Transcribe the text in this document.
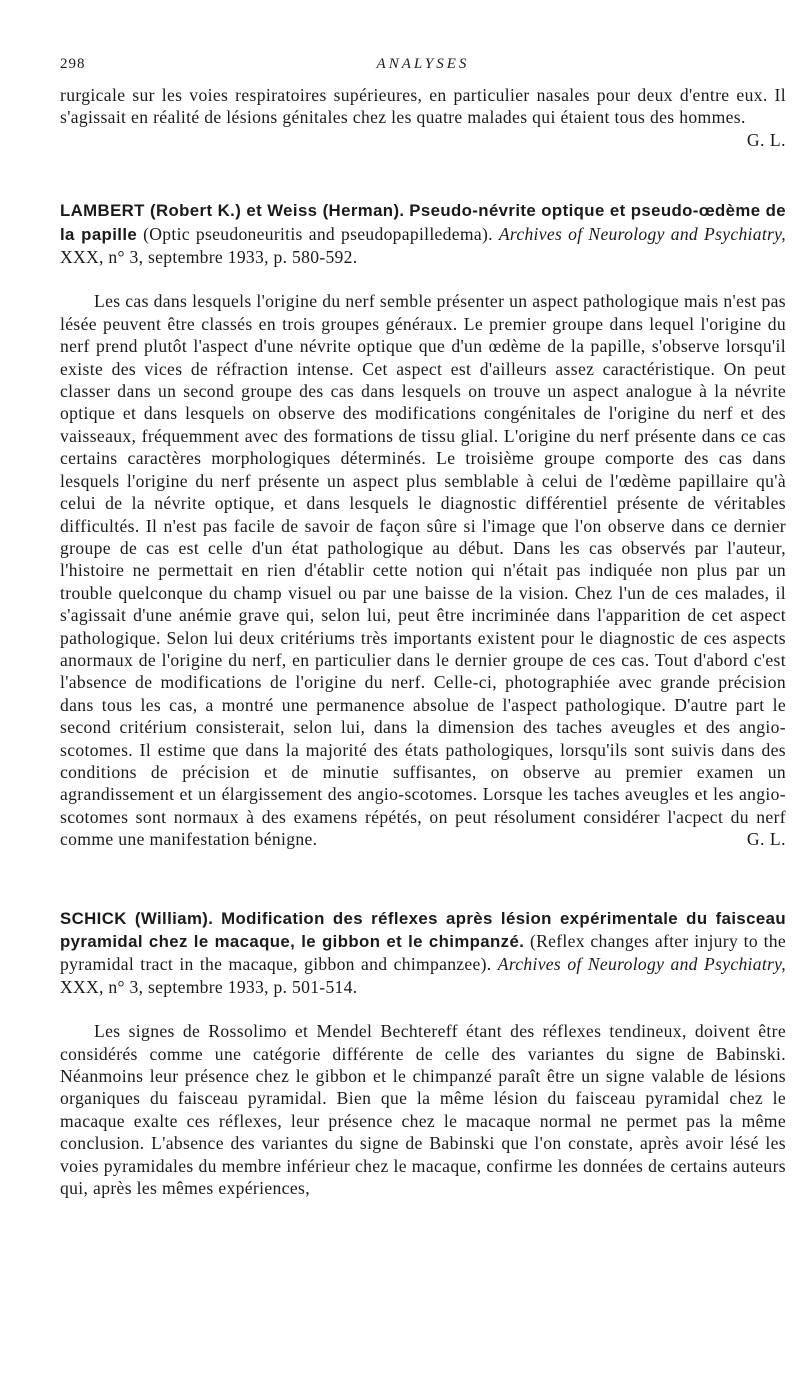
298	ANALYSES

rurgicale sur les voies respiratoires supérieures, en particulier nasales pour deux d'entre eux. Il s'agissait en réalité de lésions génitales chez les quatre malades qui étaient tous des hommes.
G. L.

LAMBERT (Robert K.) et Weiss (Herman). Pseudo-névrite optique et pseudo-œdème de la papille (Optic pseudoneuritis and pseudopapilledema). Archives of Neurology and Psychiatry, XXX, n° 3, septembre 1933, p. 580-592.

Les cas dans lesquels l'origine du nerf semble présenter un aspect pathologique mais n'est pas lésée peuvent être classés en trois groupes généraux. Le premier groupe dans lequel l'origine du nerf prend plutôt l'aspect d'une névrite optique que d'un œdème de la papille, s'observe lorsqu'il existe des vices de réfraction intense. Cet aspect est d'ailleurs assez caractéristique. On peut classer dans un second groupe des cas dans lesquels on trouve un aspect analogue à la névrite optique et dans lesquels on observe des modifications congénitales de l'origine du nerf et des vaisseaux, fréquemment avec des formations de tissu glial. L'origine du nerf présente dans ce cas certains caractères morphologiques déterminés. Le troisième groupe comporte des cas dans lesquels l'origine du nerf présente un aspect plus semblable à celui de l'œdème papillaire qu'à celui de la névrite optique, et dans lesquels le diagnostic différentiel présente de véritables difficultés. Il n'est pas facile de savoir de façon sûre si l'image que l'on observe dans ce dernier groupe de cas est celle d'un état pathologique au début. Dans les cas observés par l'auteur, l'histoire ne permettait en rien d'établir cette notion qui n'était pas indiquée non plus par un trouble quelconque du champ visuel ou par une baisse de la vision. Chez l'un de ces malades, il s'agissait d'une anémie grave qui, selon lui, peut être incriminée dans l'apparition de cet aspect pathologique. Selon lui deux critériums très importants existent pour le diagnostic de ces aspects anormaux de l'origine du nerf, en particulier dans le dernier groupe de ces cas. Tout d'abord c'est l'absence de modifications de l'origine du nerf. Celle-ci, photographiée avec grande précision dans tous les cas, a montré une permanence absolue de l'aspect pathologique. D'autre part le second critérium consisterait, selon lui, dans la dimension des taches aveugles et des angio-scotomes. Il estime que dans la majorité des états pathologiques, lorsqu'ils sont suivis dans des conditions de précision et de minutie suffisantes, on observe au premier examen un agrandissement et un élargissement des angio-scotomes. Lorsque les taches aveugles et les angio-scotomes sont normaux à des examens répétés, on peut résolument considérer l'acpect du nerf comme une manifestation bénigne.	G. L.

SCHICK (William). Modification des réflexes après lésion expérimentale du faisceau pyramidal chez le macaque, le gibbon et le chimpanzé. (Reflex changes after injury to the pyramidal tract in the macaque, gibbon and chimpanzee). Archives of Neurology and Psychiatry, XXX, n° 3, septembre 1933, p. 501-514.

Les signes de Rossolimo et Mendel Bechtereff étant des réflexes tendineux, doivent être considérés comme une catégorie différente de celle des variantes du signe de Babinski. Néanmoins leur présence chez le gibbon et le chimpanzé paraît être un signe valable de lésions organiques du faisceau pyramidal. Bien que la même lésion du faisceau pyramidal chez le macaque exalte ces réflexes, leur présence chez le macaque normal ne permet pas la même conclusion. L'absence des variantes du signe de Babinski que l'on constate, après avoir lésé les voies pyramidales du membre inférieur chez le macaque, confirme les données de certains auteurs qui, après les mêmes expériences,
